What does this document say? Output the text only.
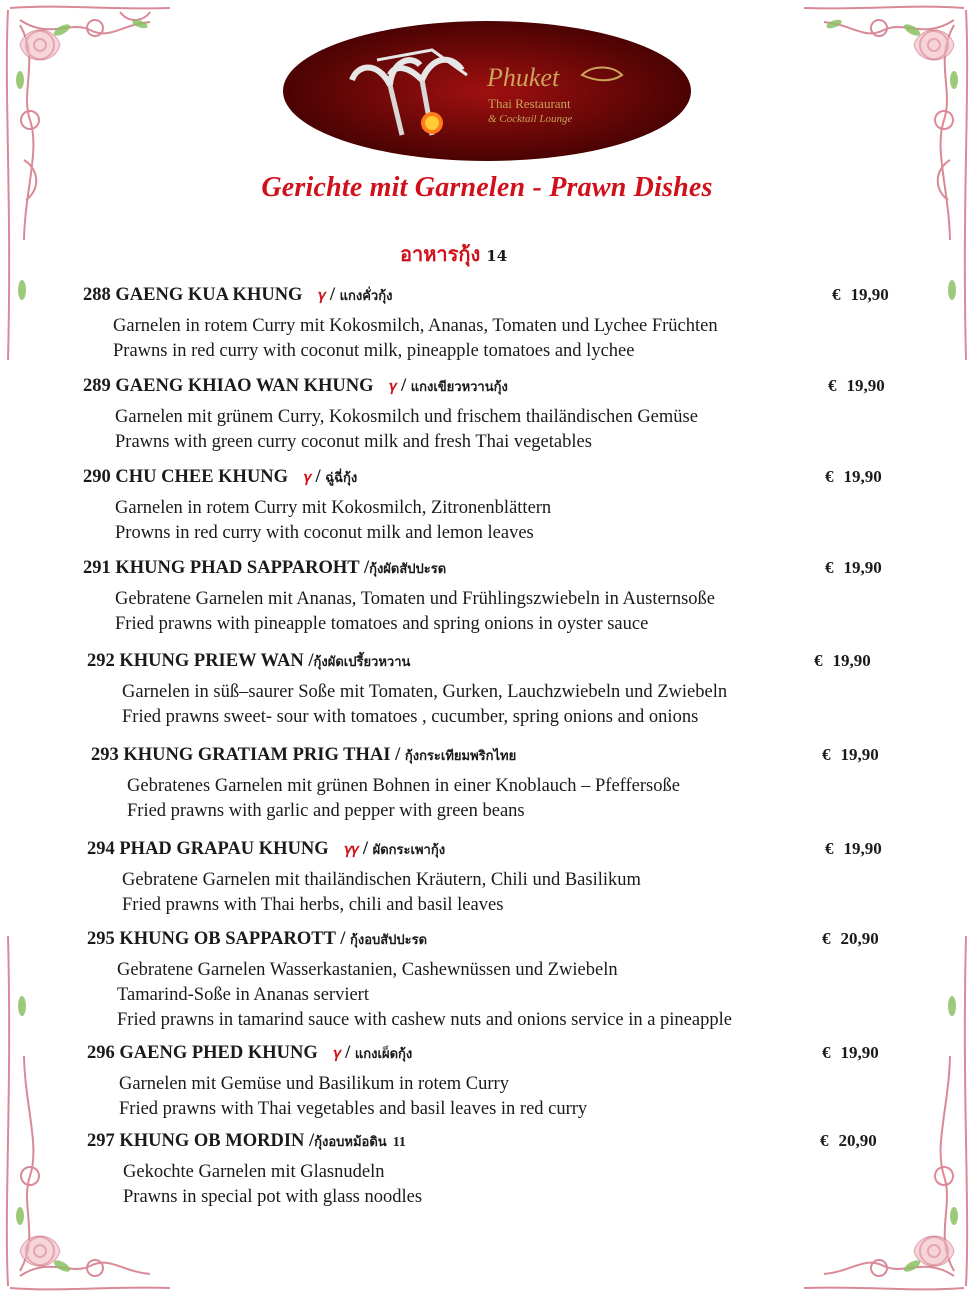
Phuket
Thai Restaurant
& Cocktail Lounge
Gerichte mit Garnelen - Prawn Dishes
อาหารกุ้ง 14
288 GAENG KUA KHUNG 𝛾 / แกงคั่วกุ้ง	€ 19,90
Garnelen in rotem Curry mit Kokosmilch, Ananas, Tomaten und Lychee Früchten
Prawns in red curry with coconut milk, pineapple tomatoes and lychee
289 GAENG KHIAO WAN KHUNG 𝛾 / แกงเขียวหวานกุ้ง	€ 19,90
Garnelen mit grünem Curry, Kokosmilch und frischem thailändischen Gemüse
Prawns with green curry coconut milk and fresh Thai vegetables
290 CHU CHEE KHUNG 𝛾 / ฉู่ฉี่กุ้ง	€ 19,90
Garnelen in rotem Curry mit Kokosmilch, Zitronenblättern
Prowns in red curry with coconut milk and lemon leaves
291 KHUNG PHAD SAPPAROHT /กุ้งผัดสัปปะรด	€ 19,90
Gebratene Garnelen mit Ananas, Tomaten und Frühlingszwiebeln in Austernsoße
Fried prawns with pineapple tomatoes and spring onions in oyster sauce
292 KHUNG PRIEW WAN /กุ้งผัดเปรี้ยวหวาน	€ 19,90
Garnelen in süß–saurer Soße mit Tomaten, Gurken, Lauchzwiebeln und Zwiebeln
Fried prawns sweet- sour with tomatoes , cucumber, spring onions and onions
293 KHUNG GRATIAM PRIG THAI / กุ้งกระเทียมพริกไทย	€ 19,90
Gebratenes Garnelen mit grünen Bohnen in einer Knoblauch – Pfeffersoße
Fried prawns with garlic and pepper with green beans
294 PHAD GRAPAU KHUNG 𝛾𝛾 / ผัดกระเพากุ้ง	€ 19,90
Gebratene Garnelen mit thailändischen Kräutern, Chili und Basilikum
Fried prawns with Thai herbs, chili and basil leaves
295 KHUNG OB SAPPAROTT / กุ้งอบสัปปะรด	€ 20,90
Gebratene Garnelen Wasserkastanien, Cashewnüssen und Zwiebeln
Tamarind-Soße in Ananas serviert
Fried prawns in tamarind sauce with cashew nuts and onions service in a pineapple
296 GAENG PHED KHUNG 𝛾 / แกงเผ็ดกุ้ง	€ 19,90
Garnelen mit Gemüse und Basilikum in rotem Curry
Fried prawns with Thai vegetables and basil leaves in red curry
297 KHUNG OB MORDIN /กุ้งอบหม้อดิน 11	€ 20,90
Gekochte Garnelen mit Glasnudeln
Prawns in special pot with glass noodles
